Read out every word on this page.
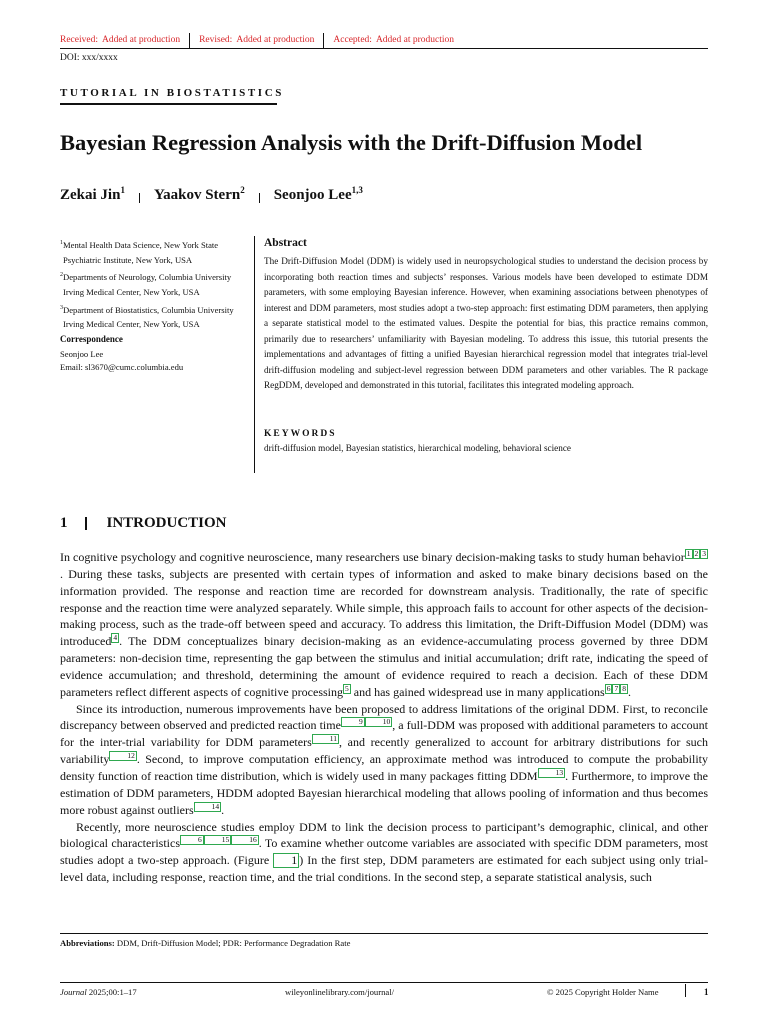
Received: Added at production Revised: Added at production Accepted: Added at production
DOI: xxx/xxxx
TUTORIAL IN BIOSTATISTICS
Bayesian Regression Analysis with the Drift-Diffusion Model
Zekai Jin$^1$ Yaakov Stern$^2$ Seonjoo Lee$^{1,3}$
$^1$Mental Health Data Science, New York State
Psychiatric Institute, New York, USA
$^2$Departments of Neurology, Columbia University
Irving Medical Center, New York, USA
$^3$Department of Biostatistics, Columbia University
Irving Medical Center, New York, USA
Correspondence
Seonjoo Lee
Email: sl3670@cumc.columbia.edu
Abstract
The Drift-Diffusion Model (DDM) is widely used in neuropsychological studies to understand the decision process by incorporating both reaction times and subjects’ responses. Various models have been developed to estimate DDM parameters, with some employing Bayesian inference. However, when examining associations between phenotypes of interest and DDM parameters, most studies adopt a two-step approach: first estimating DDM parameters, then applying a separate statistical model to the estimated values. Despite the potential for bias, this practice remains common, primarily due to researchers’ unfamiliarity with Bayesian modeling. To address this issue, this tutorial presents the implementations and advantages of fitting a unified Bayesian hierarchical regression model that integrates trial-level drift-diffusion modeling and subject-level regression between DDM parameters and other variables. The R package RegDDM, developed and demonstrated in this tutorial, facilitates this integrated modeling approach.
KEYWORDS
drift-diffusion model, Bayesian statistics, hierarchical modeling, behavioral science
1	INTRODUCTION

In cognitive psychology and cognitive neuroscience, many researchers use binary decision-making tasks to study human behavior $^{1 2 3}$. During these tasks, subjects are presented with certain types of information and asked to make binary decisions based on the information provided. The response and reaction time are recorded for downstream analysis. Traditionally, the rate of specific response and the reaction time were analyzed separately. While simple, this approach fails to account for other aspects of the decision-making process, such as the trade-off between speed and accuracy. To address this limitation, the Drift-Diffusion Model (DDM) was introduced $^4$ . The DDM conceptualizes binary decision-making as an evidence-accumulating process governed by three DDM parameters: non-decision time, representing the gap between the stimulus and initial accumulation; drift rate, indicating the speed of evidence accumulation; and threshold, determining the amount of evidence required to reach a decision. Each of these DDM parameters reflect different aspects of cognitive processing $^5$ and has gained widespread use in many applications $^{6 7 8}$ .

Since its introduction, numerous improvements have been proposed to address limitations of the original DDM. First, to reconcile discrepancy between observed and predicted reaction time $^{9 10}$ , a full-DDM was proposed with additional parameters to account for the inter-trial variability for DDM parameters $^{11}$ , and recently generalized to account for arbitrary distributions for such variability $^{12}$ . Second, to improve computation efficiency, an approximate method was introduced to compute the probability density function of reaction time distribution, which is widely used in many packages fitting DDM $^{13}$ . Furthermore, to improve the estimation of DDM parameters, HDDM adopted Bayesian hierarchical modeling that allows pooling of information and thus becomes more robust against outliers $^{14}$ .

Recently, more neuroscience studies employ DDM to link the decision process to participant’s demographic, clinical, and other biological characteristics $^{6 15 16}$ . To examine whether outcome variables are associated with specific DDM parameters, most studies adopt a two-step approach. (Figure 1 ) In the first step, DDM parameters are estimated for each subject using only trial-level data, including response, reaction time, and the trial conditions. In the second step, a separate statistical analysis, such

Abbreviations: DDM, Drift-Diffusion Model; PDR: Performance Degradation Rate
Journal 2025;00:1–17	wileyonlinelibrary.com/journal/	© 2025 Copyright Holder Name	1
